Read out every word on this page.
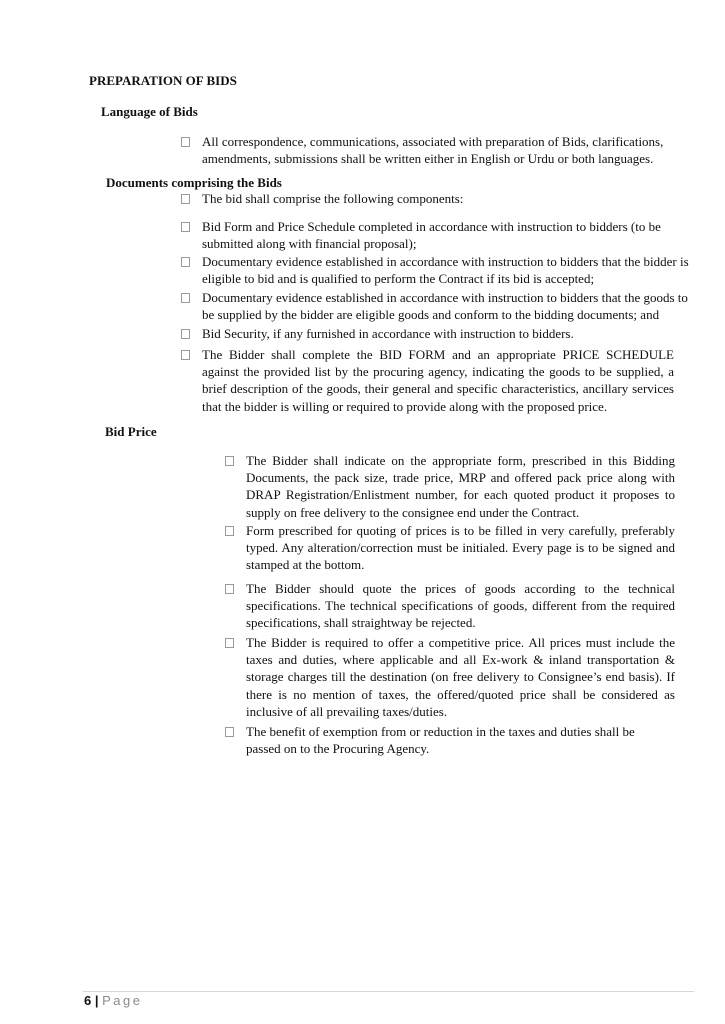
PREPARATION OF BIDS
Language of Bids
All correspondence, communications, associated with preparation of Bids, clarifications, amendments, submissions shall be written either in English or Urdu or both languages.
Documents comprising the Bids
The bid shall comprise the following components:
Bid Form and Price Schedule completed in accordance with instruction to bidders (to be submitted along with financial proposal);
Documentary evidence established in accordance with instruction to bidders that the bidder is eligible to bid and is qualified to perform the Contract if its bid is accepted;
Documentary evidence established in accordance with instruction to bidders that the goods to be supplied by the bidder are eligible goods and conform to the bidding documents; and
Bid Security, if any furnished in accordance with instruction to bidders.
The Bidder shall complete the BID FORM and an appropriate PRICE SCHEDULE against the provided list by the procuring agency, indicating the goods to be supplied, a brief description of the goods, their general and specific characteristics, ancillary services that the bidder is willing or required to provide along with the proposed price.
Bid Price
The Bidder shall indicate on the appropriate form, prescribed in this Bidding Documents, the pack size, trade price, MRP and offered pack price along with DRAP Registration/Enlistment number, for each quoted product it proposes to supply on free delivery to the consignee end under the Contract.
Form prescribed for quoting of prices is to be filled in very carefully, preferably typed. Any alteration/correction must be initialed. Every page is to be signed and stamped at the bottom.
The Bidder should quote the prices of goods according to the technical specifications. The technical specifications of goods, different from the required specifications, shall straightway be rejected.
The Bidder is required to offer a competitive price. All prices must include the taxes and duties, where applicable and all Ex-work & inland transportation & storage charges till the destination (on free delivery to Consignee’s end basis). If there is no mention of taxes, the offered/quoted price shall be considered as inclusive of all prevailing taxes/duties.
The benefit of exemption from or reduction in the taxes and duties shall be passed on to the Procuring Agency.
6 | Page
